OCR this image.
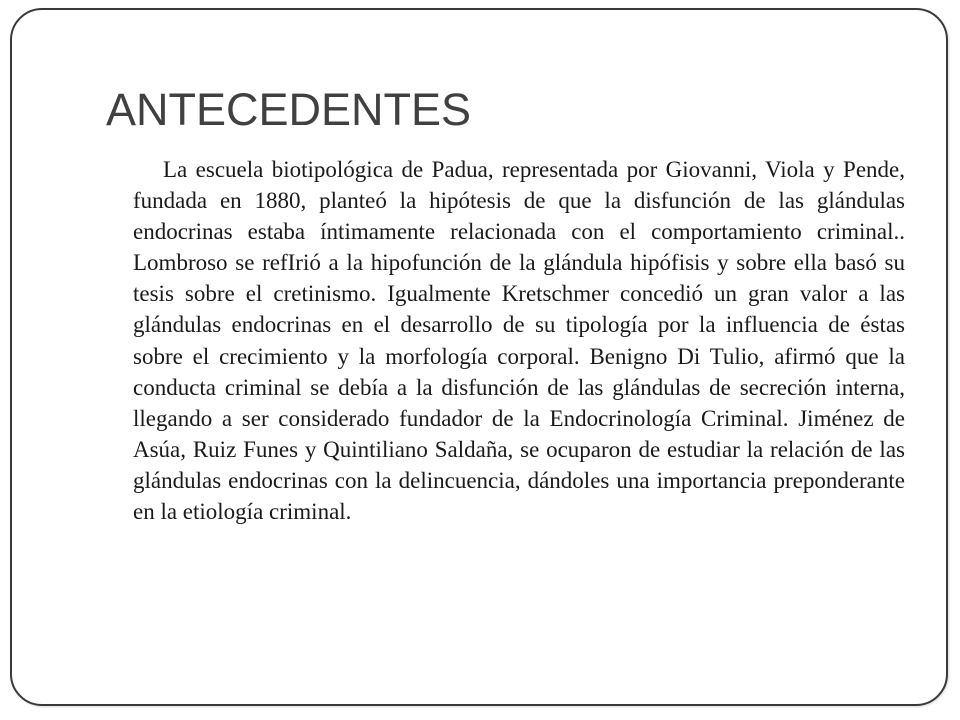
ANTECEDENTES

La escuela biotipológica de Padua, representada por Giovanni, Viola y Pende, fundada en 1880, planteó la hipótesis de que la disfunción de las glándulas endocrinas estaba íntimamente relacionada con el comportamiento criminal.. Lombroso se refIrió a la hipofunción de la glándula hipófisis y sobre ella basó su tesis sobre el cretinismo. Igualmente Kretschmer concedió un gran valor a las glándulas endocrinas en el desarrollo de su tipología por la influencia de éstas sobre el crecimiento y la morfología corporal. Benigno Di Tulio, afirmó que la conducta criminal se debía a la disfunción de las glándulas de secreción interna, llegando a ser considerado fundador de la Endocrinología Criminal. Jiménez de Asúa, Ruiz Funes y Quintiliano Saldaña, se ocuparon de estudiar la relación de las glándulas endocrinas con la delincuencia, dándoles una importancia preponderante en la etiología criminal.
